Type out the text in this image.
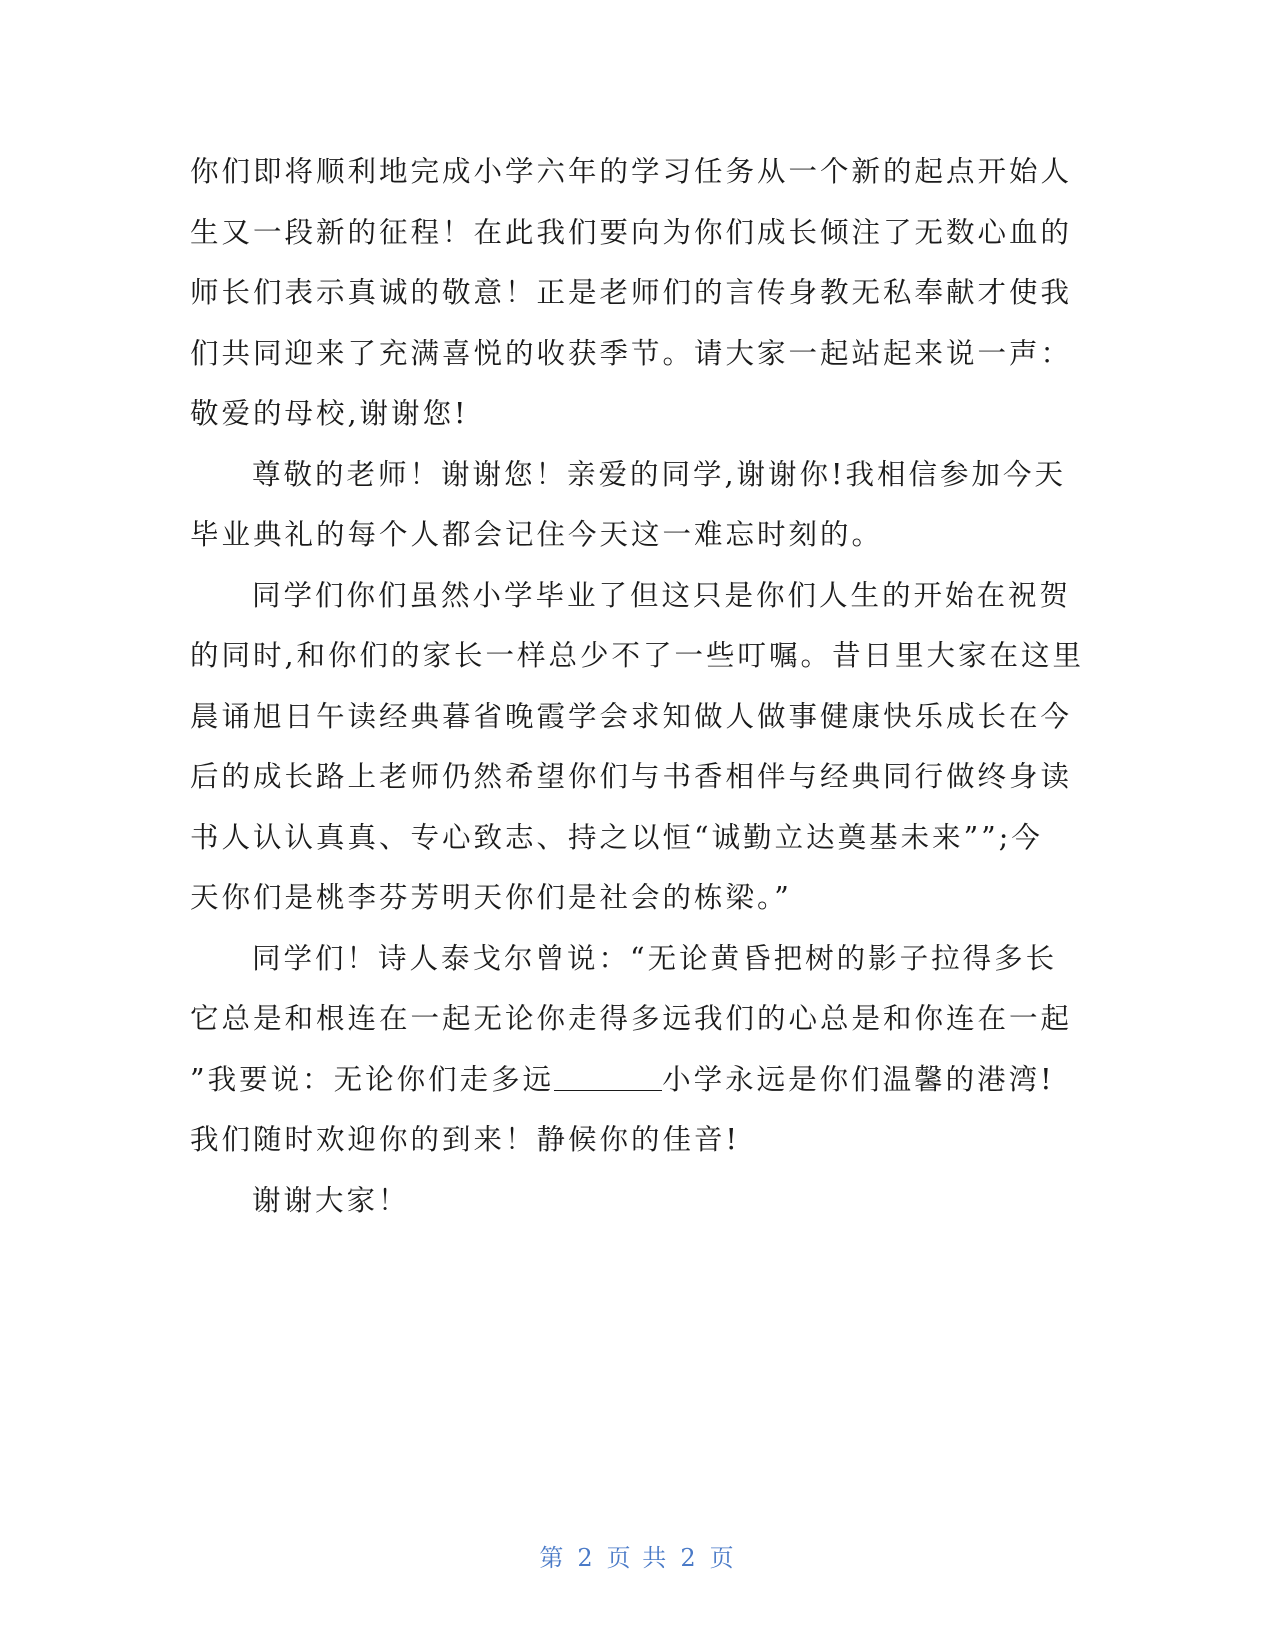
你们即将顺利地完成小学六年的学习任务从一个新的起点开始人
生又一段新的征程！在此我们要向为你们成长倾注了无数心血的
师长们表示真诚的敬意！正是老师们的言传身教无私奉献才使我
们共同迎来了充满喜悦的收获季节。请大家一起站起来说一声：
敬爱的母校,谢谢您!
尊敬的老师！谢谢您！亲爱的同学,谢谢你!我相信参加今天
毕业典礼的每个人都会记住今天这一难忘时刻的。
同学们你们虽然小学毕业了但这只是你们人生的开始在祝贺
的同时,和你们的家长一样总少不了一些叮嘱。昔日里大家在这里
晨诵旭日午读经典暮省晚霞学会求知做人做事健康快乐成长在今
后的成长路上老师仍然希望你们与书香相伴与经典同行做终身读
书人认认真真、专心致志、持之以恒“诚勤立达奠基未来””;今
天你们是桃李芬芳明天你们是社会的栋梁。”
同学们！诗人泰戈尔曾说：“无论黄昏把树的影子拉得多长
它总是和根连在一起无论你走得多远我们的心总是和你连在一起
”我要说：无论你们走多远	小学永远是你们温馨的港湾!
我们随时欢迎你的到来！静候你的佳音!
谢谢大家！
第 2 页 共 2 页
